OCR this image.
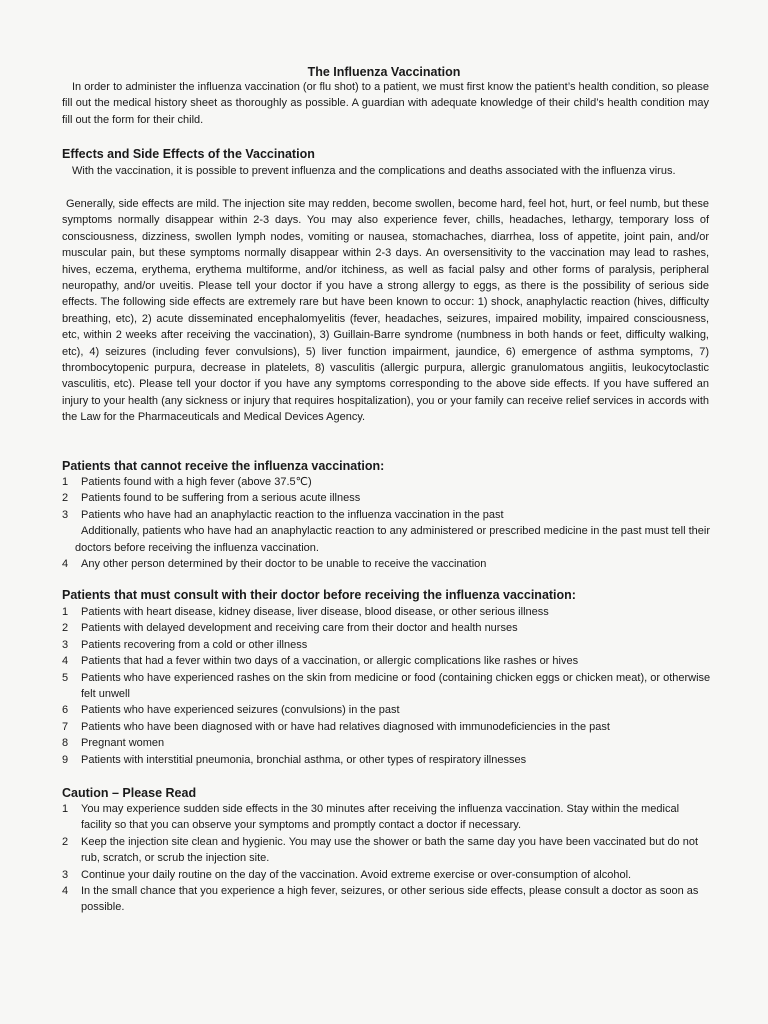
The Influenza Vaccination
In order to administer the influenza vaccination (or flu shot) to a patient, we must first know the patient’s health condition, so please fill out the medical history sheet as thoroughly as possible. A guardian with adequate knowledge of their child’s health condition may fill out the form for their child.
Effects and Side Effects of the Vaccination
With the vaccination, it is possible to prevent influenza and the complications and deaths associated with the influenza virus.
Generally, side effects are mild. The injection site may redden, become swollen, become hard, feel hot, hurt, or feel numb, but these symptoms normally disappear within 2-3 days. You may also experience fever, chills, headaches, lethargy, temporary loss of consciousness, dizziness, swollen lymph nodes, vomiting or nausea, stomachaches, diarrhea, loss of appetite, joint pain, and/or muscular pain, but these symptoms normally disappear within 2-3 days. An oversensitivity to the vaccination may lead to rashes, hives, eczema, erythema, erythema multiforme, and/or itchiness, as well as facial palsy and other forms of paralysis, peripheral neuropathy, and/or uveitis. Please tell your doctor if you have a strong allergy to eggs, as there is the possibility of serious side effects. The following side effects are extremely rare but have been known to occur: 1) shock, anaphylactic reaction (hives, difficulty breathing, etc), 2) acute disseminated encephalomyelitis (fever, headaches, seizures, impaired mobility, impaired consciousness, etc, within 2 weeks after receiving the vaccination), 3) Guillain-Barre syndrome (numbness in both hands or feet, difficulty walking, etc), 4) seizures (including fever convulsions), 5) liver function impairment, jaundice, 6) emergence of asthma symptoms, 7) thrombocytopenic purpura, decrease in platelets, 8) vasculitis (allergic purpura, allergic granulomatous angiitis, leukocytoclastic vasculitis, etc). Please tell your doctor if you have any symptoms corresponding to the above side effects. If you have suffered an injury to your health (any sickness or injury that requires hospitalization), you or your family can receive relief services in accords with the Law for the Pharmaceuticals and Medical Devices Agency.
Patients that cannot receive the influenza vaccination:
1 Patients found with a high fever (above 37.5℃)
2 Patients found to be suffering from a serious acute illness
3 Patients who have had an anaphylactic reaction to the influenza vaccination in the past
Additionally, patients who have had an anaphylactic reaction to any administered or prescribed medicine in the past must tell their doctors before receiving the influenza vaccination.
4 Any other person determined by their doctor to be unable to receive the vaccination
Patients that must consult with their doctor before receiving the influenza vaccination:
1 Patients with heart disease, kidney disease, liver disease, blood disease, or other serious illness
2 Patients with delayed development and receiving care from their doctor and health nurses
3 Patients recovering from a cold or other illness
4 Patients that had a fever within two days of a vaccination, or allergic complications like rashes or hives
5 Patients who have experienced rashes on the skin from medicine or food (containing chicken eggs or chicken meat), or otherwise felt unwell
6 Patients who have experienced seizures (convulsions) in the past
7 Patients who have been diagnosed with or have had relatives diagnosed with immunodeficiencies in the past
8 Pregnant women
9 Patients with interstitial pneumonia, bronchial asthma, or other types of respiratory illnesses
Caution – Please Read
1 You may experience sudden side effects in the 30 minutes after receiving the influenza vaccination. Stay within the medical facility so that you can observe your symptoms and promptly contact a doctor if necessary.
2 Keep the injection site clean and hygienic. You may use the shower or bath the same day you have been vaccinated but do not rub, scratch, or scrub the injection site.
3 Continue your daily routine on the day of the vaccination. Avoid extreme exercise or over-consumption of alcohol.
4 In the small chance that you experience a high fever, seizures, or other serious side effects, please consult a doctor as soon as possible.
